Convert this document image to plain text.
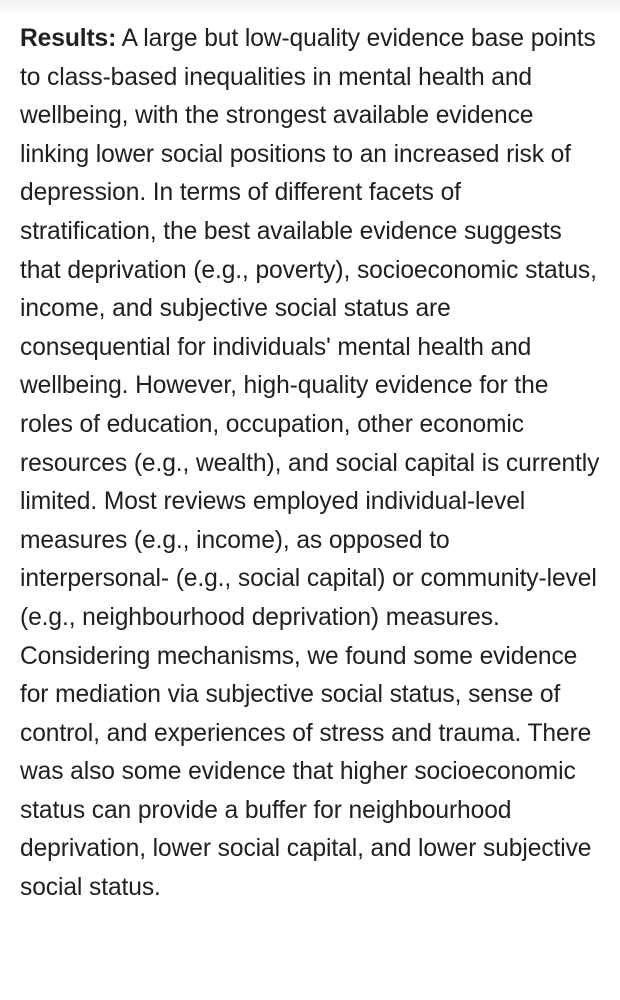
Results: A large but low-quality evidence base points to class-based inequalities in mental health and wellbeing, with the strongest available evidence linking lower social positions to an increased risk of depression. In terms of different facets of stratification, the best available evidence suggests that deprivation (e.g., poverty), socioeconomic status, income, and subjective social status are consequential for individuals' mental health and wellbeing. However, high-quality evidence for the roles of education, occupation, other economic resources (e.g., wealth), and social capital is currently limited. Most reviews employed individual-level measures (e.g., income), as opposed to interpersonal- (e.g., social capital) or community-level (e.g., neighbourhood deprivation) measures. Considering mechanisms, we found some evidence for mediation via subjective social status, sense of control, and experiences of stress and trauma. There was also some evidence that higher socioeconomic status can provide a buffer for neighbourhood deprivation, lower social capital, and lower subjective social status.
